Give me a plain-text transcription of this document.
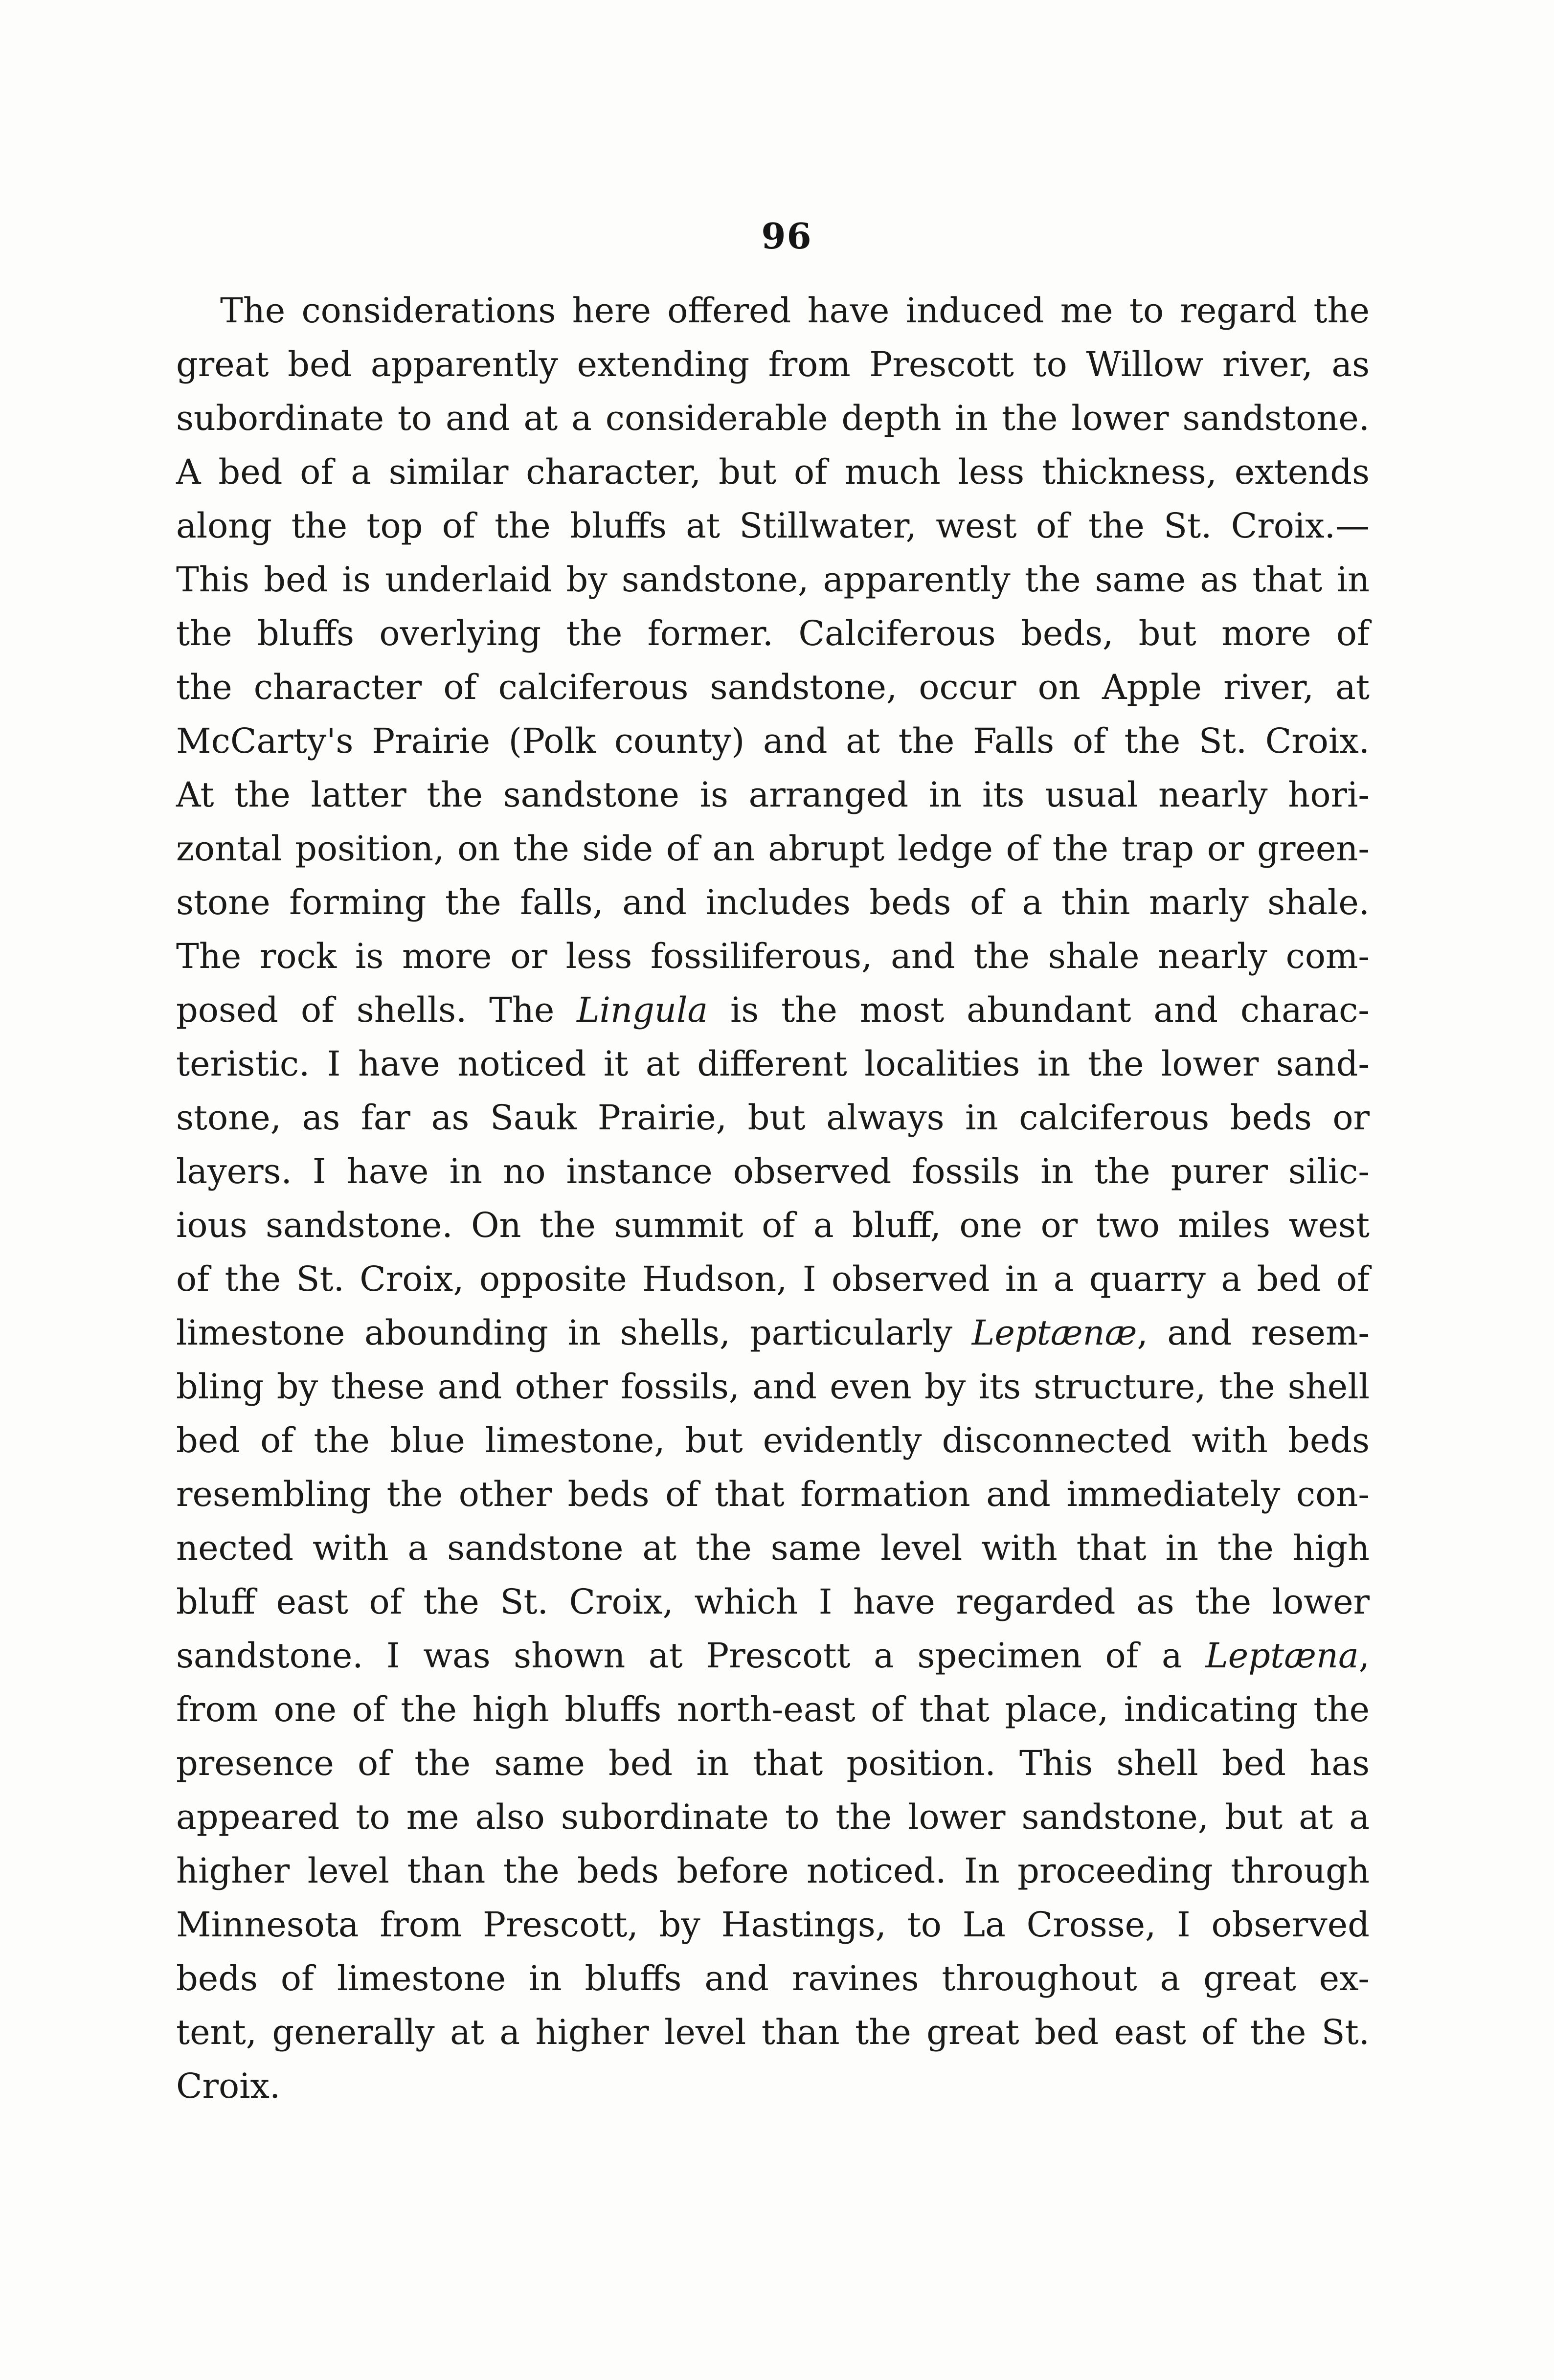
96
The considerations here offered have induced me to regard the
great bed apparently extending from Prescott to Willow river, as
subordinate to and at a considerable depth in the lower sandstone.
A bed of a similar character, but of much less thickness, extends
along the top of the bluffs at Stillwater, west of the St. Croix.—
This bed is underlaid by sandstone, apparently the same as that in
the bluffs overlying the former. Calciferous beds, but more of
the character of calciferous sandstone, occur on Apple river, at
McCarty's Prairie (Polk county) and at the Falls of the St. Croix.
At the latter the sandstone is arranged in its usual nearly hori-
zontal position, on the side of an abrupt ledge of the trap or green-
stone forming the falls, and includes beds of a thin marly shale.
The rock is more or less fossiliferous, and the shale nearly com-
posed of shells. The Lingula is the most abundant and charac-
teristic. I have noticed it at different localities in the lower sand-
stone, as far as Sauk Prairie, but always in calciferous beds or
layers. I have in no instance observed fossils in the purer silic-
ious sandstone. On the summit of a bluff, one or two miles west
of the St. Croix, opposite Hudson, I observed in a quarry a bed of
limestone abounding in shells, particularly Leptænæ, and resem-
bling by these and other fossils, and even by its structure, the shell
bed of the blue limestone, but evidently disconnected with beds
resembling the other beds of that formation and immediately con-
nected with a sandstone at the same level with that in the high
bluff east of the St. Croix, which I have regarded as the lower
sandstone. I was shown at Prescott a specimen of a Leptæna,
from one of the high bluffs north-east of that place, indicating the
presence of the same bed in that position. This shell bed has
appeared to me also subordinate to the lower sandstone, but at a
higher level than the beds before noticed. In proceeding through
Minnesota from Prescott, by Hastings, to La Crosse, I observed
beds of limestone in bluffs and ravines throughout a great ex-
tent, generally at a higher level than the great bed east of the St.
Croix.
